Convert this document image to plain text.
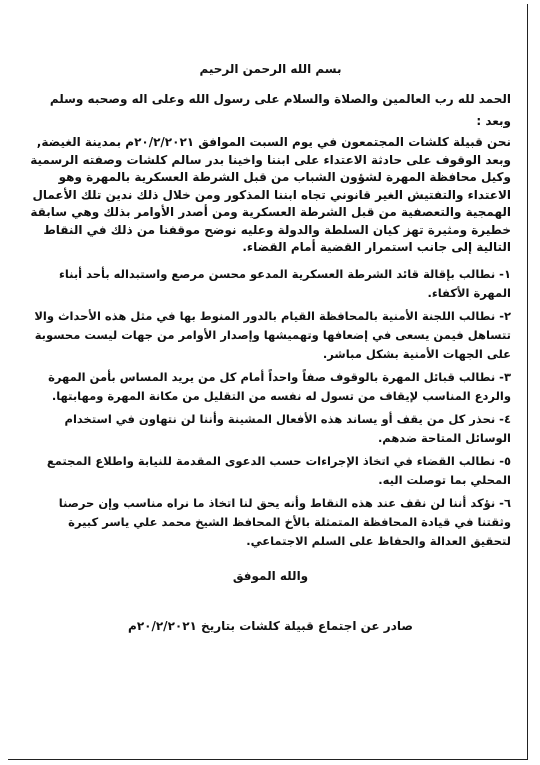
بسم الله الرحمن الرحيم

الحمد لله رب العالمين والصلاة والسلام على رسول الله وعلى اله وصحبه وسلم

وبعد :

نحن قبيلة كلشات المجتمعون في يوم السبت الموافق ٢٠/٢/٢٠٢١م بمدينة الغيضة, وبعد الوقوف على حادثة الاعتداء على ابننا واخينا بدر سالم كلشات وصفته الرسمية وكيل محافظة المهرة لشؤون الشباب من قبل الشرطة العسكرية بالمهرة وهو الاعتداء والتفتيش الغير قانوني تجاه ابننا المذكور ومن خلال ذلك ندين تلك الأعمال الهمجية والتعصفية من قبل الشرطة العسكرية ومن أصدر الأوامر بذلك وهي سابقة خطيرة ومثيرة تهز كيان السلطة والدولة وعليه نوضح موقفنا من ذلك في النقاط التالية إلى جانب استمرار القضية أمام القضاء.

١- نطالب بإقالة قائد الشرطة العسكرية المدعو محسن مرصع واستبداله بأحد أبناء المهرة الأكفاء.
٢- نطالب اللجنة الأمنية بالمحافظة القيام بالدور المنوط بها في مثل هذه الأحداث والا تتساهل فيمن يسعى في إضعافها وتهميشها وإصدار الأوامر من جهات ليست محسوبة على الجهات الأمنية بشكل مباشر.
٣- نطالب قبائل المهرة بالوقوف صفاً واحداً أمام كل من يريد المساس بأمن المهرة والردع المناسب لإيقاف من تسول له نفسه من التقليل من مكانة المهرة ومهابتها.
٤- نحذر كل من يقف أو يساند هذه الأفعال المشينة وأننا لن نتهاون في استخدام الوسائل المتاحة ضدهم.
٥- نطالب القضاء في اتخاذ الإجراءات حسب الدعوى المقدمة للنيابة واطلاع المجتمع المحلي بما توصلت اليه.
٦- نؤكد أننا لن نقف عند هذه النقاط وأنه يحق لنا اتخاذ ما نراه مناسب وإن حرصنا وثقتنا في قيادة المحافظة المتمثلة بالأخ المحافظ الشيخ محمد علي ياسر كبيرة لتحقيق العدالة والحفاظ على السلم الاجتماعي.

والله الموفق

صادر عن اجتماع قبيلة كلشات بتاريخ ٢٠/٢/٢٠٢١م
